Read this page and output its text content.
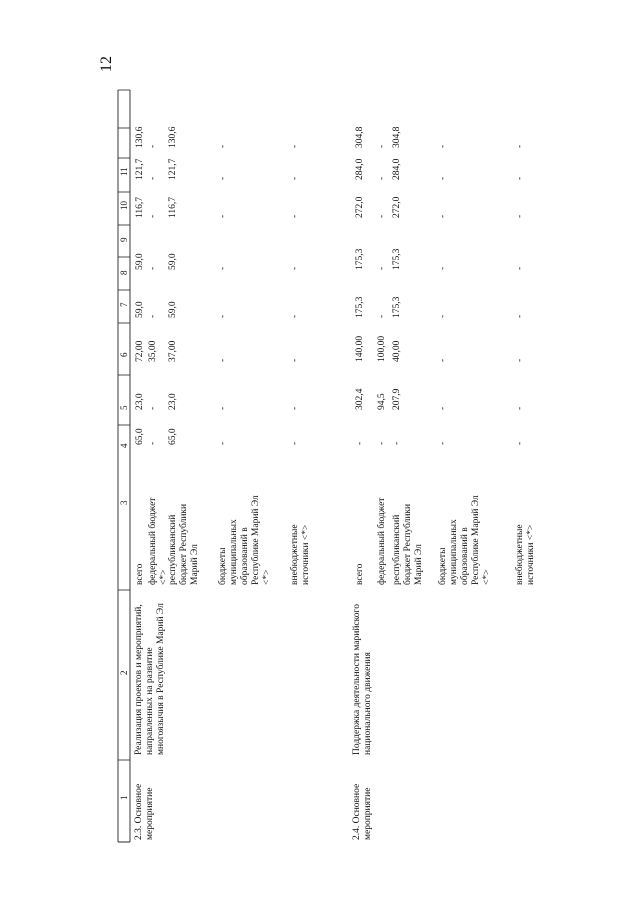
12
1
2
3
4
5
6
7
8
9
10
11
2.3. Основное мероприятие
Реализация проектов и мероприятий, направленных на развитие многоязычия в Республике Марий Эл
всего
65,0
23,0
72,00
59,0
59,0
116,7
121,7
130,6
федеральный бюджет <*>
-
-
35,00
-
-
-
-
-
республиканский бюджет Республики Марий Эл
65,0
23,0
37,00
59,0
59,0
116,7
121,7
130,6
бюджеты муниципальных образований в Республике Марий Эл <*>
-
-
-
-
-
-
-
-
внебюджетные источники <*>
-
-
-
-
-
-
-
-
2.4. Основное мероприятие
Поддержка деятельности марийского национального движения
всего
-
302,4
140,00
175,3
175,3
272,0
284,0
304,8
федеральный бюджет
-
94,5
100,00
-
-
-
-
-
республиканский бюджет Республики Марий Эл
-
207,9
40,00
175,3
175,3
272,0
284,0
304,8
бюджеты муниципальных образований в Республике Марий Эл <*>
-
-
-
-
-
-
-
-
внебюджетные источники <*>
-
-
-
-
-
-
-
-
